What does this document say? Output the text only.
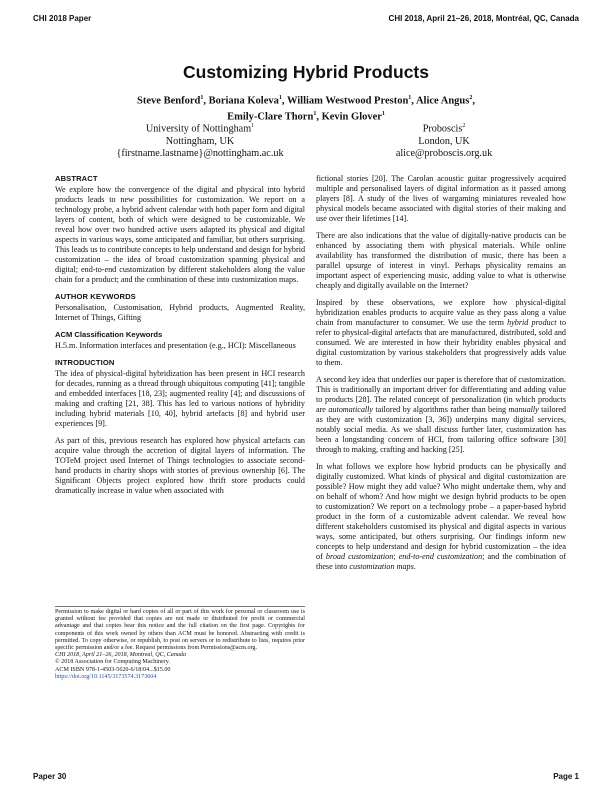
CHI 2018 Paper	CHI 2018, April 21–26, 2018, Montréal, QC, Canada
Customizing Hybrid Products
Steve Benford$^1$, Boriana Koleva$^1$, William Westwood Preston$^1$, Alice Angus$^2$,
Emily-Clare Thorn$^1$, Kevin Glover$^1$
University of Nottingham$^1$
Nottingham, UK
{firstname.lastname}@nottingham.ac.uk
Proboscis$^2$
London, UK
alice@proboscis.org.uk
ABSTRACT

We explore how the convergence of the digital and physical into hybrid products leads to new possibilities for customization. We report on a technology probe, a hybrid advent calendar with both paper form and digital layers of content, both of which were designed to be customizable. We reveal how over two hundred active users adapted its physical and digital aspects in various ways, some anticipated and familiar, but others surprising. This leads us to contribute concepts to help understand and design for hybrid customization – the idea of broad customization spanning physical and digital; end-to-end customization by different stakeholders along the value chain for a product; and the combination of these into customization maps.

AUTHOR KEYWORDS

Personalisation, Customisation, Hybrid products, Augmented Reality, Internet of Things, Gifting

ACM Classification Keywords

H.5.m. Information interfaces and presentation (e.g., HCI): Miscellaneous

INTRODUCTION

The idea of physical-digital hybridization has been present in HCI research for decades, running as a thread through ubiquitous computing [41]; tangible and embedded interfaces [18, 23]; augmented reality [4]; and discussions of making and crafting [21, 38]. This has led to various notions of hybridity including hybrid materials [10, 40], hybrid artefacts [8] and hybrid user experiences [9].

As part of this, previous research has explored how physical artefacts can acquire value through the accretion of digital layers of information. The TOTeM project used Internet of Things technologies to associate second-hand products in charity shops with stories of previous ownership [6]. The Significant Objects project explored how thrift store products could dramatically increase in value when associated with

Permission to make digital or hard copies of all or part of this work for personal or classroom use is granted without fee provided that copies are not made or distributed for profit or commercial advantage and that copies bear this notice and the full citation on the first page. Copyrights for components of this work owned by others than ACM must be honored. Abstracting with credit is permitted. To copy otherwise, or republish, to post on servers or to redistribute to lists, requires prior specific permission and/or a fee. Request permissions from Permissions@acm.org.

CHI 2018, April 21–26, 2018, Montreal, QC, Canada

© 2018 Association for Computing Machinery.

ACM ISBN 978-1-4503-5620-6/18/04...$15.00

https://doi.org/10.1145/3173574.3173604

fictional stories [20]. The Carolan acoustic guitar progressively acquired multiple and personalised layers of digital information as it passed among players [8]. A study of the lives of wargaming miniatures revealed how physical models became associated with digital stories of their making and use over their lifetimes [14].

There are also indications that the value of digitally-native products can be enhanced by associating them with physical materials. While online availability has transformed the distribution of music, there has been a parallel upsurge of interest in vinyl. Perhaps physicality remains an important aspect of experiencing music, adding value to what is otherwise cheaply and digitally available on the Internet?

Inspired by these observations, we explore how physical-digital hybridization enables products to acquire value as they pass along a value chain from manufacturer to consumer. We use the term hybrid product to refer to physical-digital artefacts that are manufactured, distributed, sold and consumed. We are interested in how their hybridity enables physical and digital customization by various stakeholders that progressively adds value to them.

A second key idea that underlies our paper is therefore that of customization. This is traditionally an important driver for differentiating and adding value to products [28]. The related concept of personalization (in which products are automatically tailored by algorithms rather than being manually tailored as they are with customization [3, 36]) underpins many digital services, notably social media. As we shall discuss further later, customization has been a longstanding concern of HCI, from tailoring office software [30] through to making, crafting and hacking [25].

In what follows we explore how hybrid products can be physically and digitally customized. What kinds of physical and digital customization are possible? How might they add value? Who might undertake them, why and on behalf of whom? And how might we design hybrid products to be open to customization? We report on a technology probe – a paper-based hybrid product in the form of a customizable advent calendar. We reveal how different stakeholders customised its physical and digital aspects in various ways, some anticipated, but others surprising. Our findings inform new concepts to help understand and design for hybrid customization – the idea of broad customization; end-to-end customization; and the combination of these into customization maps.

Paper 30	Page 1
